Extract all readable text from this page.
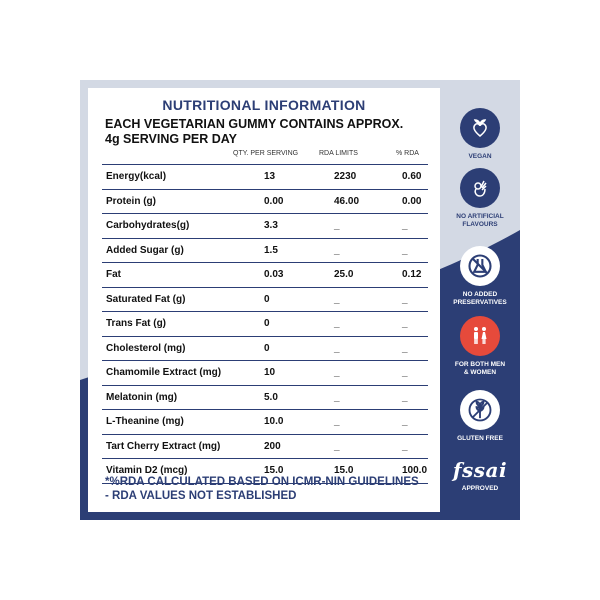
NUTRITIONAL INFORMATION
EACH VEGETARIAN GUMMY CONTAINS APPROX.
4g SERVING PER DAY
QTY. PER SERVING	RDA LIMITS	% RDA
Energy(kcal)	13	2230	0.60
Protein (g)	0.00	46.00	0.00
Carbohydrates(g)	3.3	_	_
Added Sugar (g)	1.5	_	_
Fat	0.03	25.0	0.12
Saturated Fat (g)	0	_	_
Trans Fat (g)	0	_	_
Cholesterol (mg)	0	_	_
Chamomile Extract (mg)	10	_	_
Melatonin (mg)	5.0	_	_
L-Theanine (mg)	10.0	_	_
Tart Cherry Extract (mg)	200	_	_
Vitamin D2 (mcg)	15.0	15.0	100.0
*%RDA CALCULATED BASED ON ICMR-NIN GUIDELINES
- RDA VALUES NOT ESTABLISHED
VEGAN
NO ARTIFICIAL
FLAVOURS
NO ADDED
PRESERVATIVES
FOR BOTH MEN
& WOMEN
GLUTEN FREE
fssai
APPROVED
